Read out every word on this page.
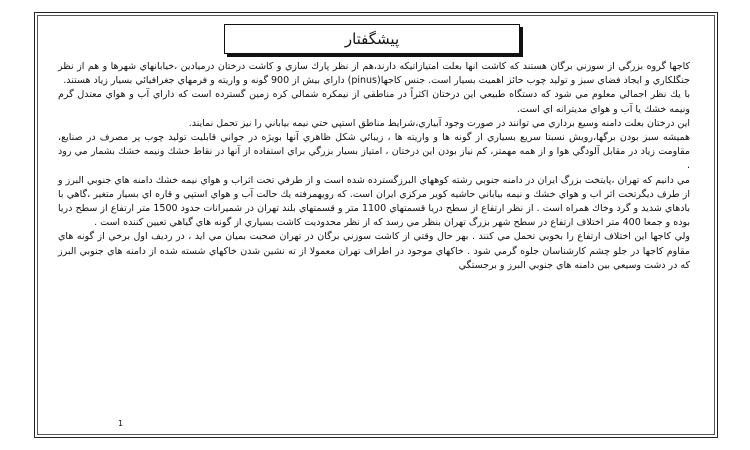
پیشگفتار

كاجها گروه بزرگي از سوزني برگان هستند كه كاشت انها بعلت امتيازاتيكه دارند،هم از نظر پارك سازي و كاشت درختان درميادين ،خيابانهاي شهرها و هم از نظر جنگلكاري و ايجاد فضاي سبز و توليد چوب حائز اهميت بسيار است. جنس كاجها(pinus) داراي بيش از 900 گونه و واريته و فرمهاي جغرافيائي بسيار زياد هستند.

با يك نظر اجمالي معلوم مي شود كه دستگاه طبيعي اين درختان اكثراً در مناطقي از نيمكره شمالي كره زمين گسترده است كه داراي آب و هواي معتدل گرم ونيمه خشك يا آب و هواي مديترانه اي است.

اين درختان بعلت دامنه وسيع برداري مي توانند در صورت وجود آبياري،شرايط مناطق استپي حتي نيمه بياباني را نيز تحمل نمايند.

هميشه سبز بودن برگها،رويش نسبتا سريع بسياري از گونه ها و واريته ها ، زيبائي شكل ظاهري آنها بويژه در جواني قابليت توليد چوب پر مصرف در صنايع، مقاومت زياد در مقابل آلودگي هوا و از همه مهمتر، كم نياز بودن اين درختان ، امتياز بسيار بزرگي براي استفاده از آنها در نقاط خشك ونيمه خشك بشمار مي رود .

مي دانيم كه تهران ،پايتخت بزرگ ايران در دامنه جنوبي رشته كوههاي البرزگسترده شده است و از طرفي تحت اثراب و هواي نيمه خشك دامنه هاي جنوبي البرز و از طرف ديگرتحت اثر اب و هواي خشك و نيمه بياباني حاشيه كوير مركزي ايران است. كه رويهمرفته يك حالت آب و هواي استپي و قاره اي بسيار متغير ،گاهي با بادهاي شديد و گرد وخاك همراه است . از نظر ارتفاع از سطح دريا قسمتهاي 1100 متر و قسمتهاي بلند تهران در شميرانات حدود 1500 متر ارتفاع از سطح دريا بوده و جمعا 400 متر اختلاف ارتفاع در سطح شهر بزرگ تهران بنظر مي رسد كه از نظر محدوديت كاشت بسياري از گونه هاي گياهي تعيين كننده است .

ولي كاجها اين اختلاف ارتفاع را بخوبي تحمل مي كنند . بهر حال وقتي از كاشت سوزني برگان در تهران صحبت بميان مي ايد ، در رديف اول برخي از گونه هاي مقاوم كاجها در جلو چشم كارشناسان جلوه گرمي شود . خاكهاي موجود در اطراف تهران معمولا از ته نشين شدن خاكهاي شسته شده از دامنه هاي جنوبي البرز كه در دشت وسيعي بين دامنه هاي جنوبي البرز و برجستگي

1
